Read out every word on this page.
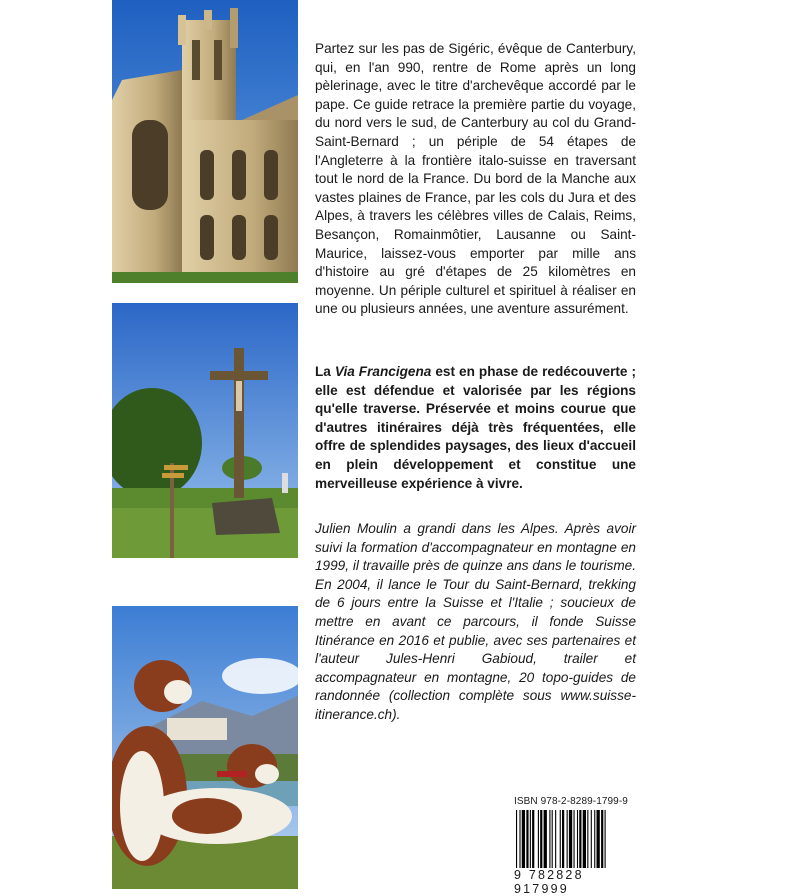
Partez sur les pas de Sigéric, évêque de Canterbury, qui, en l'an 990, rentre de Rome après un long pèlerinage, avec le titre d'archevêque accordé par le pape. Ce guide retrace la première partie du voyage, du nord vers le sud, de Canterbury au col du Grand-Saint-Bernard ; un périple de 54 étapes de l'Angleterre à la frontière italo-suisse en traversant tout le nord de la France. Du bord de la Manche aux vastes plaines de France, par les cols du Jura et des Alpes, à travers les célèbres villes de Calais, Reims, Besançon, Romainmôtier, Lausanne ou Saint-Maurice, laissez-vous emporter par mille ans d'histoire au gré d'étapes de 25 kilomètres en moyenne. Un périple culturel et spirituel à réaliser en une ou plusieurs années, une aventure assurément.

La Via Francigena est en phase de redécouverte ; elle est défendue et valorisée par les régions qu'elle traverse. Préservée et moins courue que d'autres itinéraires déjà très fréquentées, elle offre de splendides paysages, des lieux d'accueil en plein développement et constitue une merveilleuse expérience à vivre.

Julien Moulin a grandi dans les Alpes. Après avoir suivi la formation d'accompagnateur en montagne en 1999, il travaille près de quinze ans dans le tourisme. En 2004, il lance le Tour du Saint-Bernard, trekking de 6 jours entre la Suisse et l'Italie ; soucieux de mettre en avant ce parcours, il fonde Suisse Itinérance en 2016 et publie, avec ses partenaires et l'auteur Jules-Henri Gabioud, trailer et accompagnateur en montagne, 20 topo-guides de randonnée (collection complète sous www.suisse-itinerance.ch).

ISBN 978-2-8289-1799-9
9 782828 917999
